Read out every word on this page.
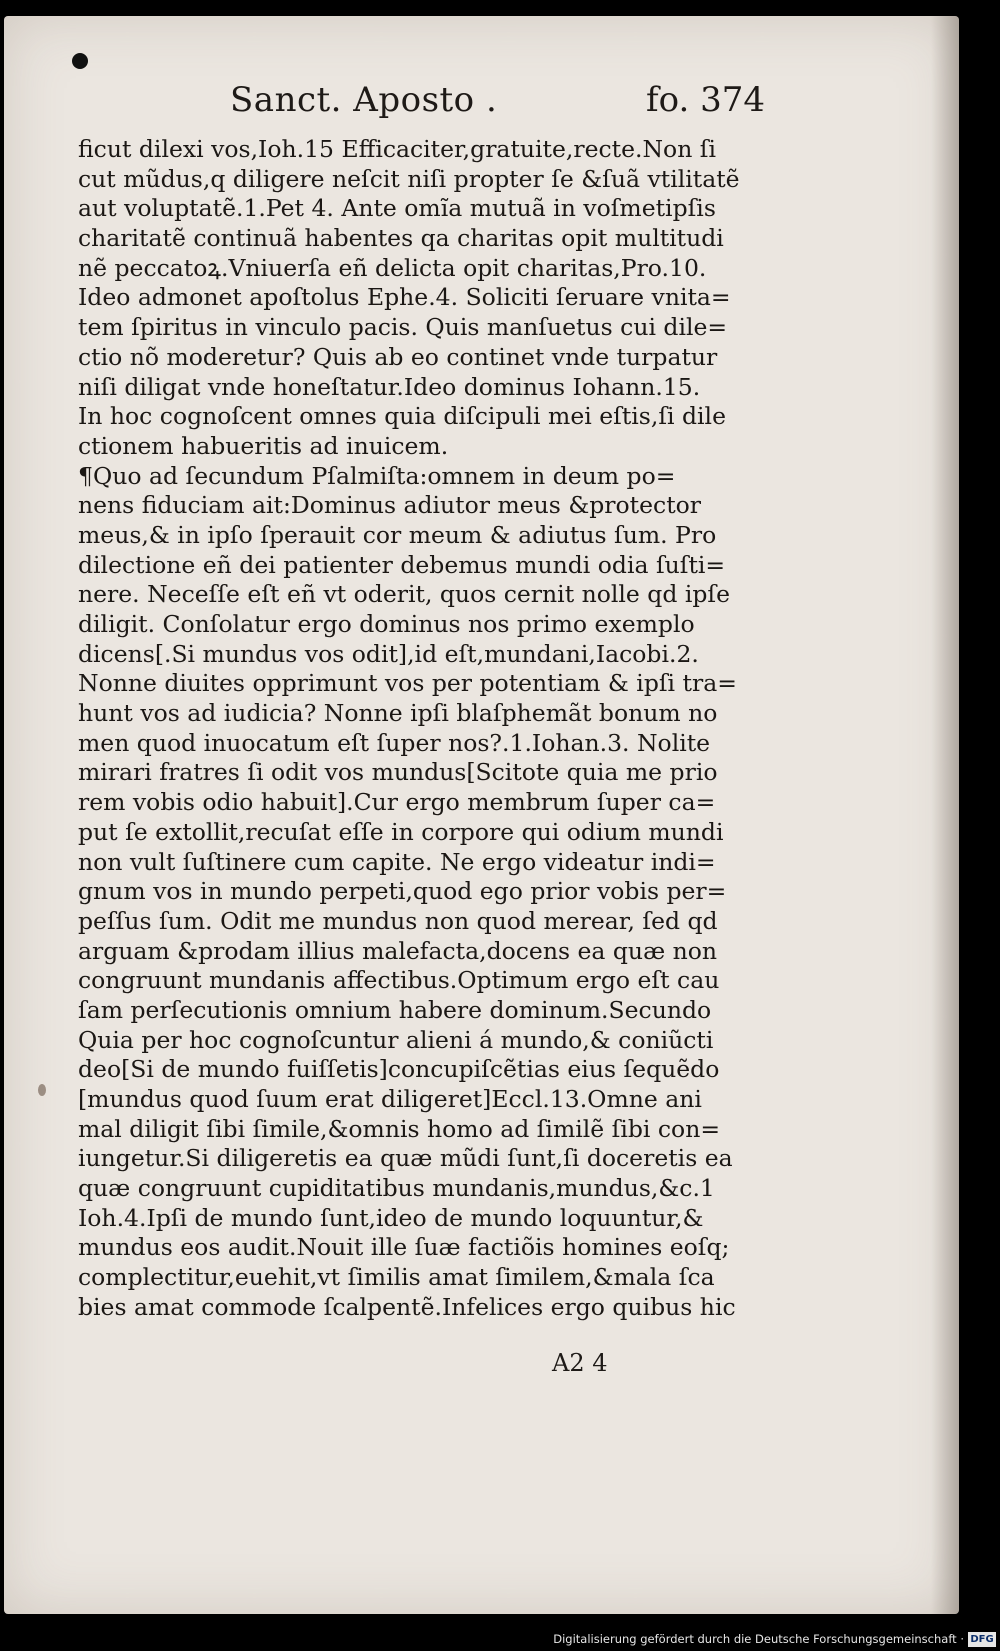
Sanct. Aposto .	fo. 374
ficut dilexi vos,Ioh.15 Efficaciter,gratuite,recte.Non ſi
cut mũdus,q diligere neſcit niſi propter ſe &ſuã vtilitatẽ
aut voluptatẽ.1.Pet 4. Ante omĩa mutuã in voſmetipſis
charitatẽ continuã habentes qa charitas opit multitudi
nẽ peccatoꝝ.Vniuerſa eñ delicta opit charitas,Pro.10.
Ideo admonet apoſtolus Ephe.4. Soliciti ſeruare vnita=
tem ſpiritus in vinculo pacis. Quis manſuetus cui dile=
ctio nõ moderetur? Quis ab eo continet vnde turpatur
niſi diligat vnde honeſtatur.Ideo dominus Iohann.15.
In hoc cognoſcent omnes quia diſcipuli mei eſtis,ſi dile
ctionem habueritis ad inuicem.
¶Quo ad ſecundum Pſalmiſta:omnem in deum po=
nens fiduciam ait:Dominus adiutor meus &protector
meus,& in ipſo ſperauit cor meum & adiutus ſum. Pro
dilectione eñ dei patienter debemus mundi odia ſuſti=
nere. Neceſſe eſt eñ vt oderit, quos cernit nolle qd ipſe
diligit. Conſolatur ergo dominus nos primo exemplo
dicens[.Si mundus vos odit],id eſt,mundani,Iacobi.2.
Nonne diuites opprimunt vos per potentiam & ipſi tra=
hunt vos ad iudicia? Nonne ipſi blaſphemãt bonum no
men quod inuocatum eſt ſuper nos?.1.Iohan.3. Nolite
mirari fratres ſi odit vos mundus[Scitote quia me prio
rem vobis odio habuit].Cur ergo membrum ſuper ca=
put ſe extollit,recuſat eſſe in corpore qui odium mundi
non vult ſuſtinere cum capite. Ne ergo videatur indi=
gnum vos in mundo perpeti,quod ego prior vobis per=
peſſus ſum. Odit me mundus non quod merear, ſed qd
arguam &prodam illius malefacta,docens ea quæ non
congruunt mundanis affectibus.Optimum ergo eſt cau
ſam perſecutionis omnium habere dominum.Secundo
Quia per hoc cognoſcuntur alieni á mundo,& coniũcti
deo[Si de mundo fuiſſetis]concupiſcẽtias eius ſequẽdo
[mundus quod ſuum erat diligeret]Eccl.13.Omne ani
mal diligit ſibi ſimile,&omnis homo ad ſimilẽ ſibi con=
iungetur.Si diligeretis ea quæ mũdi ſunt,ſi doceretis ea
quæ congruunt cupiditatibus mundanis,mundus,&c.1
Ioh.4.Ipſi de mundo ſunt,ideo de mundo loquuntur,&
mundus eos audit.Nouit ille ſuæ factiõis homines eoſq;
complectitur,euehit,vt ſimilis amat ſimilem,&mala ſca
bies amat commode ſcalpentẽ.Infelices ergo quibus hic
A2 4
Digitalisierung gefördert durch die Deutsche Forschungsgemeinschaft · DFG
